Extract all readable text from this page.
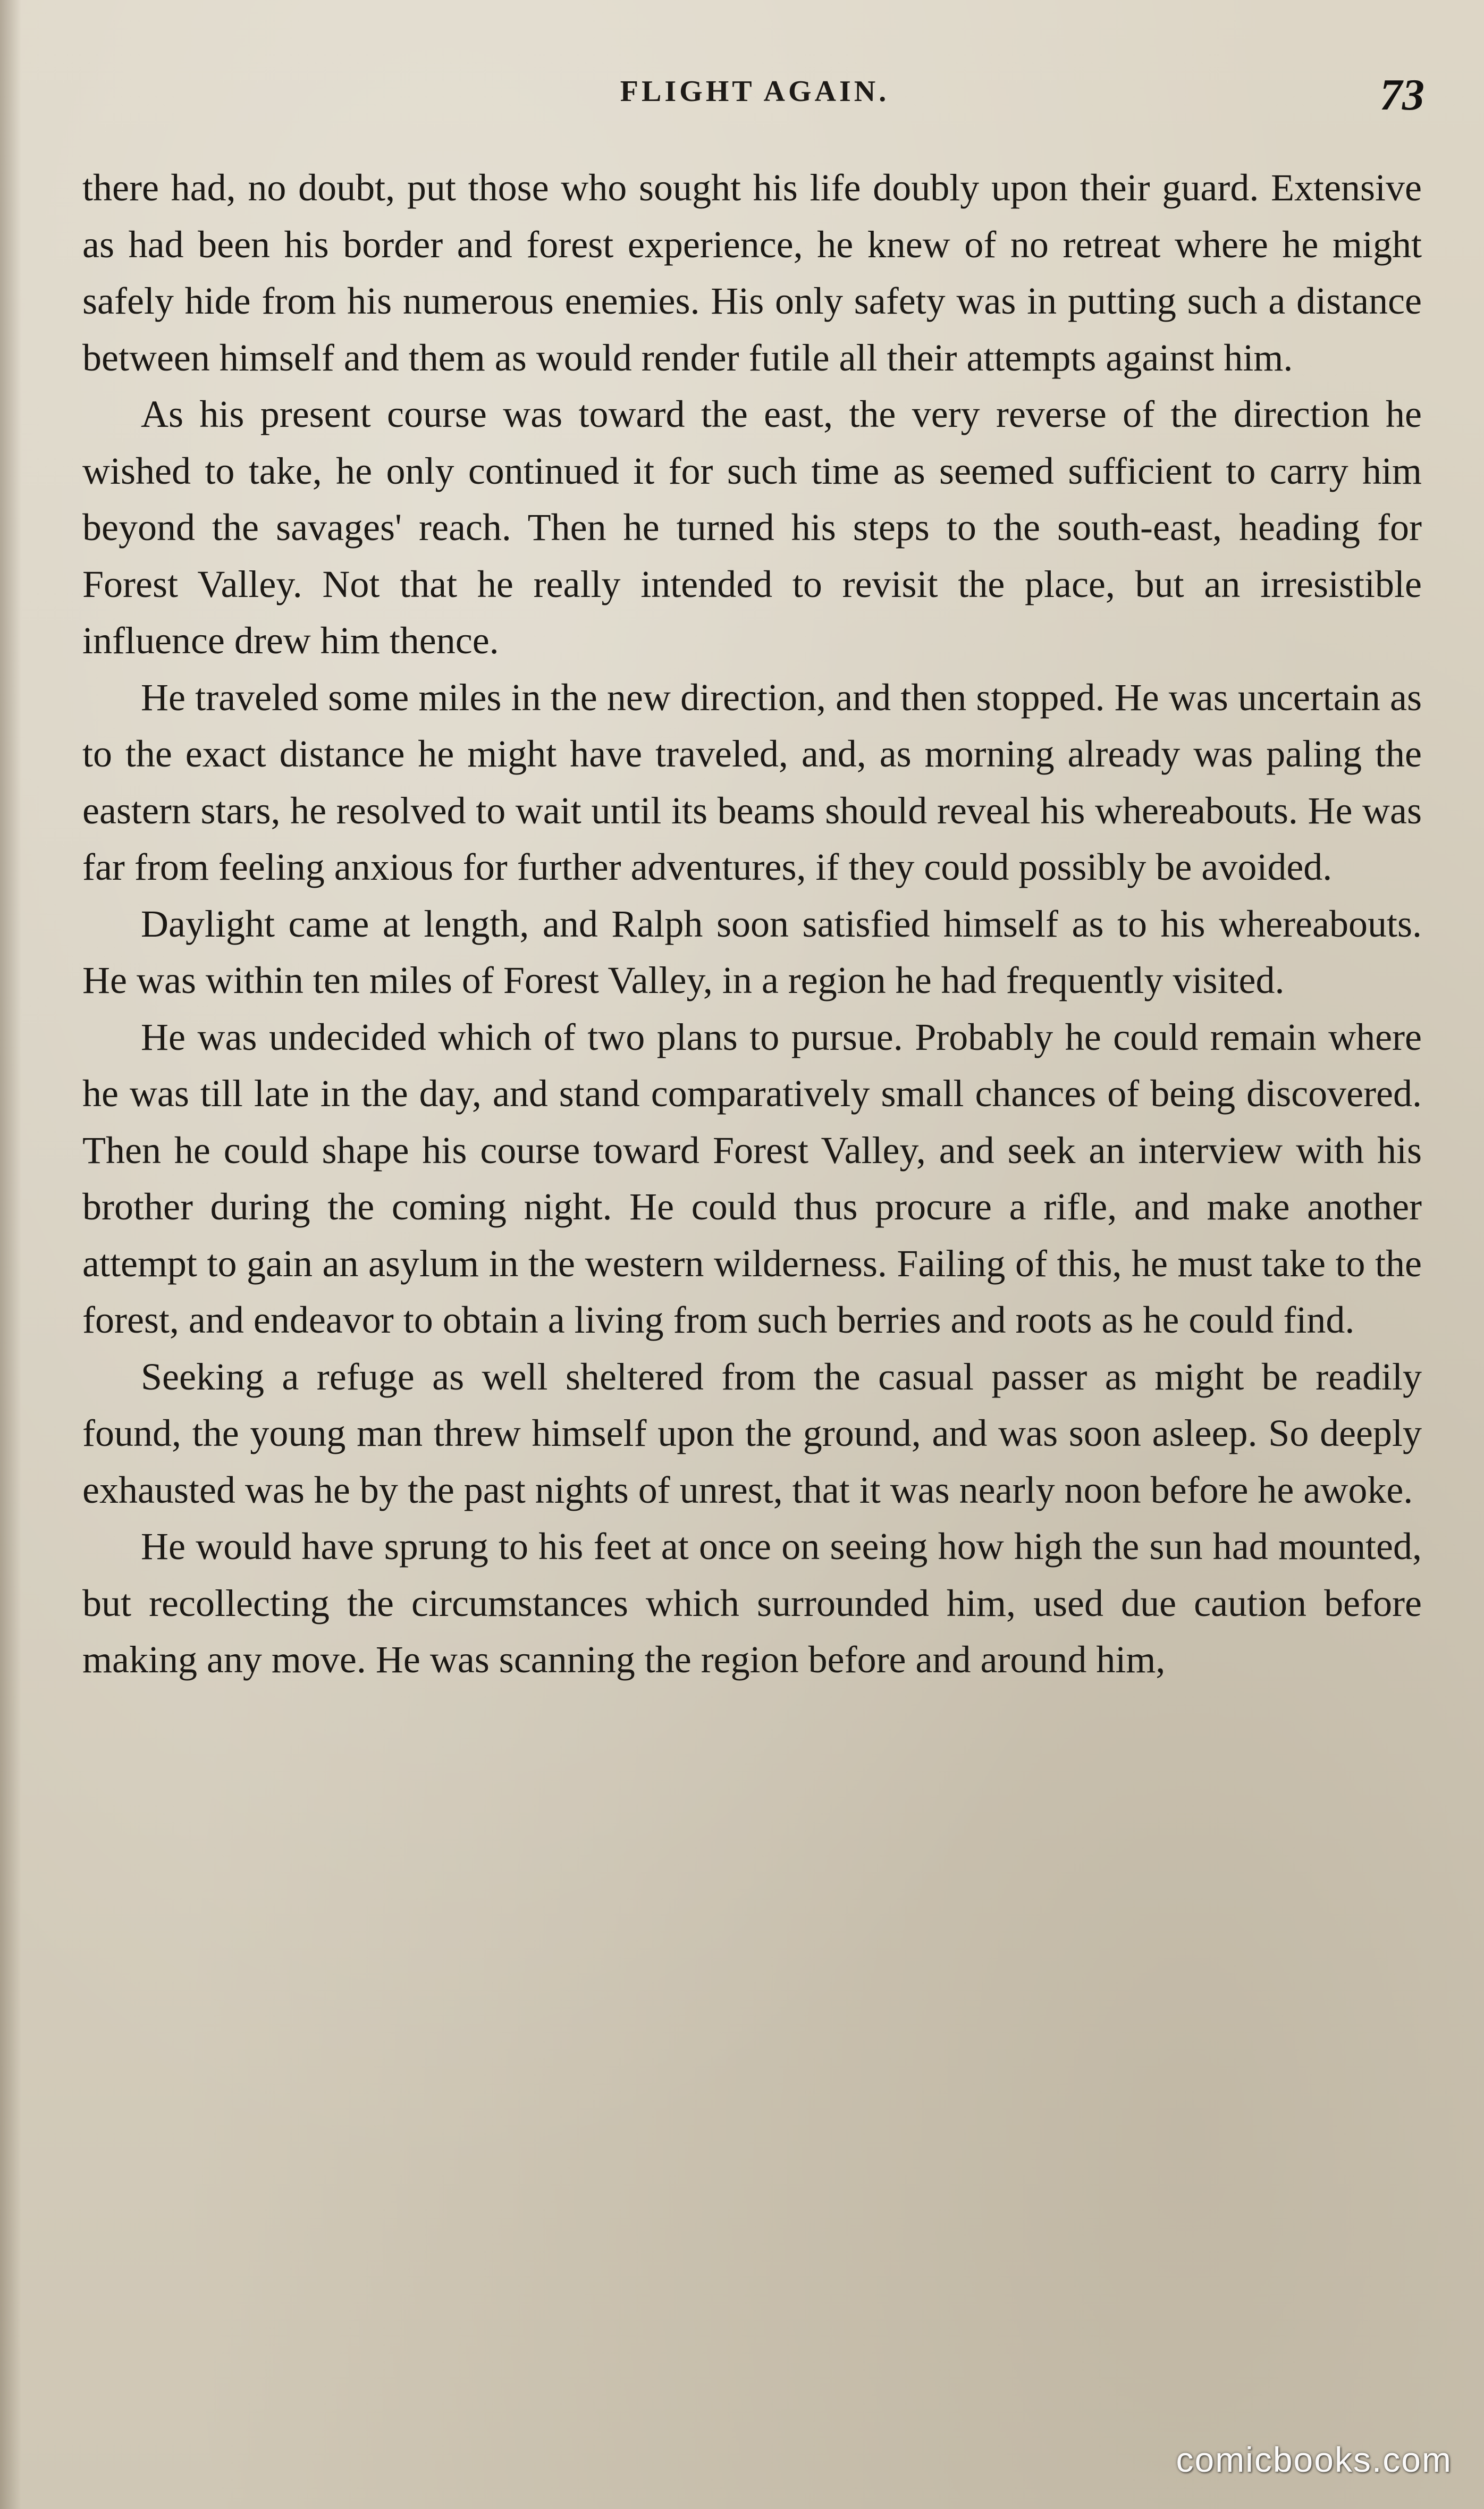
FLIGHT AGAIN.	73

there had, no doubt, put those who sought his life doubly upon their guard. Extensive as had been his border and forest experience, he knew of no retreat where he might safely hide from his numerous enemies. His only safety was in putting such a distance between himself and them as would render futile all their attempts against him.

As his present course was toward the east, the very reverse of the direction he wished to take, he only continued it for such time as seemed sufficient to carry him beyond the savages' reach. Then he turned his steps to the south-east, heading for Forest Valley. Not that he really intended to revisit the place, but an irresistible influence drew him thence.

He traveled some miles in the new direction, and then stopped. He was uncertain as to the exact distance he might have traveled, and, as morning already was paling the eastern stars, he resolved to wait until its beams should reveal his whereabouts. He was far from feeling anxious for further adventures, if they could possibly be avoided.

Daylight came at length, and Ralph soon satisfied himself as to his whereabouts. He was within ten miles of Forest Valley, in a region he had frequently visited.

He was undecided which of two plans to pursue. Probably he could remain where he was till late in the day, and stand comparatively small chances of being discovered. Then he could shape his course toward Forest Valley, and seek an interview with his brother during the coming night. He could thus procure a rifle, and make another attempt to gain an asylum in the western wilderness. Failing of this, he must take to the forest, and endeavor to obtain a living from such berries and roots as he could find.

Seeking a refuge as well sheltered from the casual passer as might be readily found, the young man threw himself upon the ground, and was soon asleep. So deeply exhausted was he by the past nights of unrest, that it was nearly noon before he awoke.

He would have sprung to his feet at once on seeing how high the sun had mounted, but recollecting the circumstances which surrounded him, used due caution before making any move. He was scanning the region before and around him,

comicbooks.com
